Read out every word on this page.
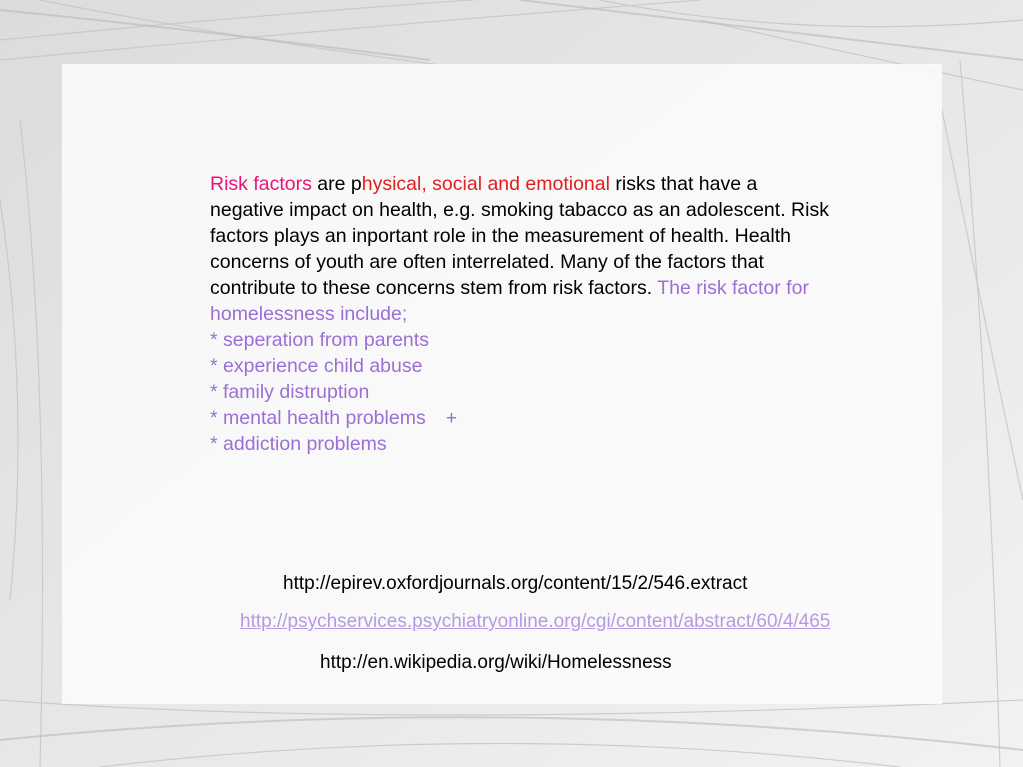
Risk factors are physical, social and emotional risks that have a negative impact on health, e.g. smoking tabacco as an adolescent. Risk factors plays an inportant role in the measurement of health. Health concerns of youth are often interrelated. Many of the factors that contribute to these concerns stem from risk factors. The risk factor for homelessness include;
* seperation from parents
* experience child abuse
* family distruption
* mental health problems +
* addiction problems
http://epirev.oxfordjournals.org/content/15/2/546.extract
http://psychservices.psychiatryonline.org/cgi/content/abstract/60/4/465
http://en.wikipedia.org/wiki/Homelessness
